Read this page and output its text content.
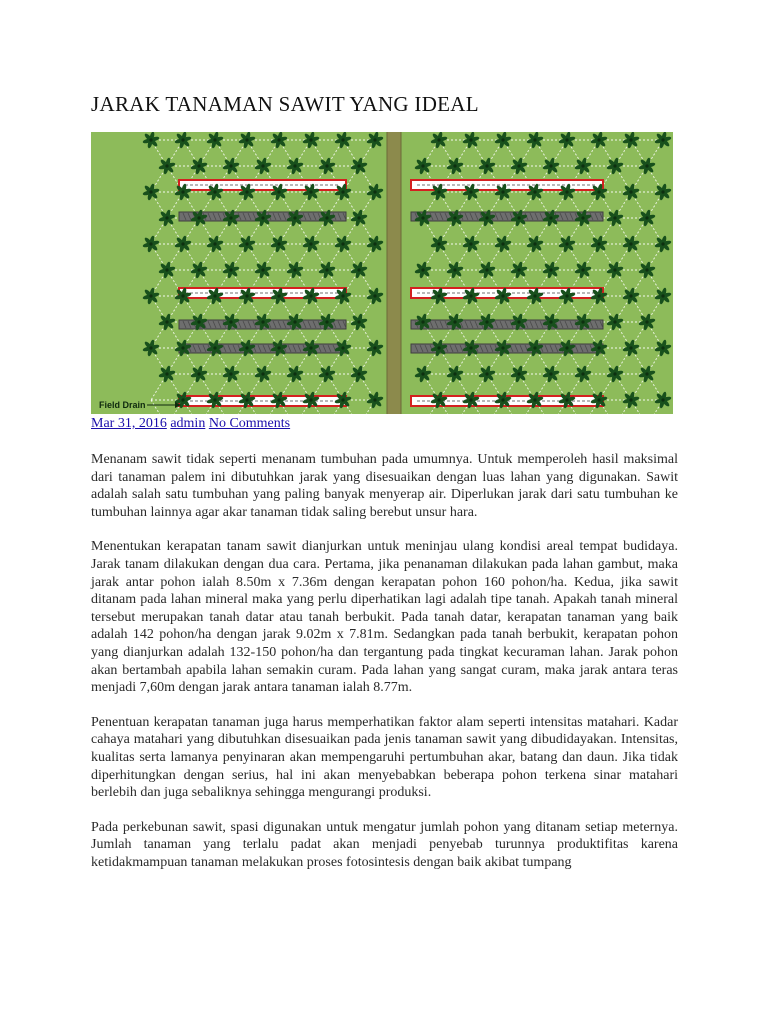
JARAK TANAMAN SAWIT YANG IDEAL
Field Drain
Mar 31, 2016 admin No Comments

Menanam sawit tidak seperti menanam tumbuhan pada umumnya. Untuk memperoleh hasil maksimal dari tanaman palem ini dibutuhkan jarak yang disesuaikan dengan luas lahan yang digunakan. Sawit adalah salah satu tumbuhan yang paling banyak menyerap air. Diperlukan jarak dari satu tumbuhan ke tumbuhan lainnya agar akar tanaman tidak saling berebut unsur hara.

Menentukan kerapatan tanam sawit dianjurkan untuk meninjau ulang kondisi areal tempat budidaya. Jarak tanam dilakukan dengan dua cara. Pertama, jika penanaman dilakukan pada lahan gambut, maka jarak antar pohon ialah 8.50m x 7.36m dengan kerapatan pohon 160 pohon/ha. Kedua, jika sawit ditanam pada lahan mineral maka yang perlu diperhatikan lagi adalah tipe tanah. Apakah tanah mineral tersebut merupakan tanah datar atau tanah berbukit. Pada tanah datar, kerapatan tanaman yang baik adalah 142 pohon/ha dengan jarak 9.02m x 7.81m. Sedangkan pada tanah berbukit, kerapatan pohon yang dianjurkan adalah 132-150 pohon/ha dan tergantung pada tingkat kecuraman lahan. Jarak pohon akan bertambah apabila lahan semakin curam. Pada lahan yang sangat curam, maka jarak antara teras menjadi 7,60m dengan jarak antara tanaman ialah 8.77m.

Penentuan kerapatan tanaman juga harus memperhatikan faktor alam seperti intensitas matahari. Kadar cahaya matahari yang dibutuhkan disesuaikan pada jenis tanaman sawit yang dibudidayakan. Intensitas, kualitas serta lamanya penyinaran akan mempengaruhi pertumbuhan akar, batang dan daun. Jika tidak diperhitungkan dengan serius, hal ini akan menyebabkan beberapa pohon terkena sinar matahari berlebih dan juga sebaliknya sehingga mengurangi produksi.

Pada perkebunan sawit, spasi digunakan untuk mengatur jumlah pohon yang ditanam setiap meternya. Jumlah tanaman yang terlalu padat akan menjadi penyebab turunnya produktifitas karena ketidakmampuan tanaman melakukan proses fotosintesis dengan baik akibat tumpang
